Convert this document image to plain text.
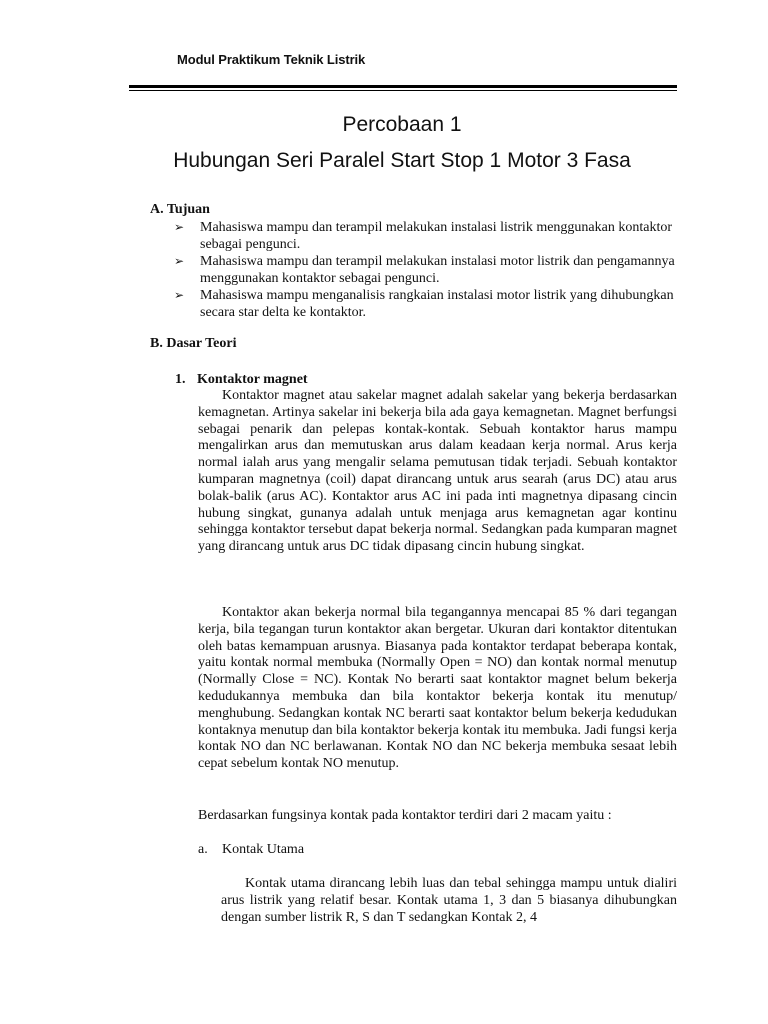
Modul Praktikum Teknik Listrik
Percobaan 1
Hubungan Seri Paralel Start Stop 1 Motor 3 Fasa
A. Tujuan
➢	Mahasiswa mampu dan terampil melakukan instalasi listrik menggunakan kontaktor sebagai pengunci.
➢	Mahasiswa mampu dan terampil melakukan instalasi motor listrik dan pengamannya menggunakan kontaktor sebagai pengunci.
➢	Mahasiswa mampu menganalisis rangkaian instalasi motor listrik yang dihubungkan secara star delta ke kontaktor.
B. Dasar Teori
1. Kontaktor magnet
Kontaktor magnet atau sakelar magnet adalah sakelar yang bekerja berdasarkan kemagnetan. Artinya sakelar ini bekerja bila ada gaya kemagnetan. Magnet berfungsi sebagai penarik dan pelepas kontak-kontak. Sebuah kontaktor harus mampu mengalirkan arus dan memutuskan arus dalam keadaan kerja normal. Arus kerja normal ialah arus yang mengalir selama pemutusan tidak terjadi. Sebuah kontaktor kumparan magnetnya (coil) dapat dirancang untuk arus searah (arus DC) atau arus bolak-balik (arus AC). Kontaktor arus AC ini pada inti magnetnya dipasang cincin hubung singkat, gunanya adalah untuk menjaga arus kemagnetan agar kontinu sehingga kontaktor tersebut dapat bekerja normal. Sedangkan pada kumparan magnet yang dirancang untuk arus DC tidak dipasang cincin hubung singkat.
Kontaktor akan bekerja normal bila tegangannya mencapai 85 % dari tegangan kerja, bila tegangan turun kontaktor akan bergetar. Ukuran dari kontaktor ditentukan oleh batas kemampuan arusnya. Biasanya pada kontaktor terdapat beberapa kontak, yaitu kontak normal membuka (Normally Open = NO) dan kontak normal menutup (Normally Close = NC). Kontak No berarti saat kontaktor magnet belum bekerja kedudukannya membuka dan bila kontaktor bekerja kontak itu menutup/ menghubung. Sedangkan kontak NC berarti saat kontaktor belum bekerja kedudukan kontaknya menutup dan bila kontaktor bekerja kontak itu membuka. Jadi fungsi kerja kontak NO dan NC berlawanan. Kontak NO dan NC bekerja membuka sesaat lebih cepat sebelum kontak NO menutup.
Berdasarkan fungsinya kontak pada kontaktor terdiri dari 2 macam yaitu :
a. Kontak Utama
Kontak utama dirancang lebih luas dan tebal sehingga mampu untuk dialiri arus listrik yang relatif besar. Kontak utama 1, 3 dan 5 biasanya dihubungkan dengan sumber listrik R, S dan T sedangkan Kontak 2, 4
